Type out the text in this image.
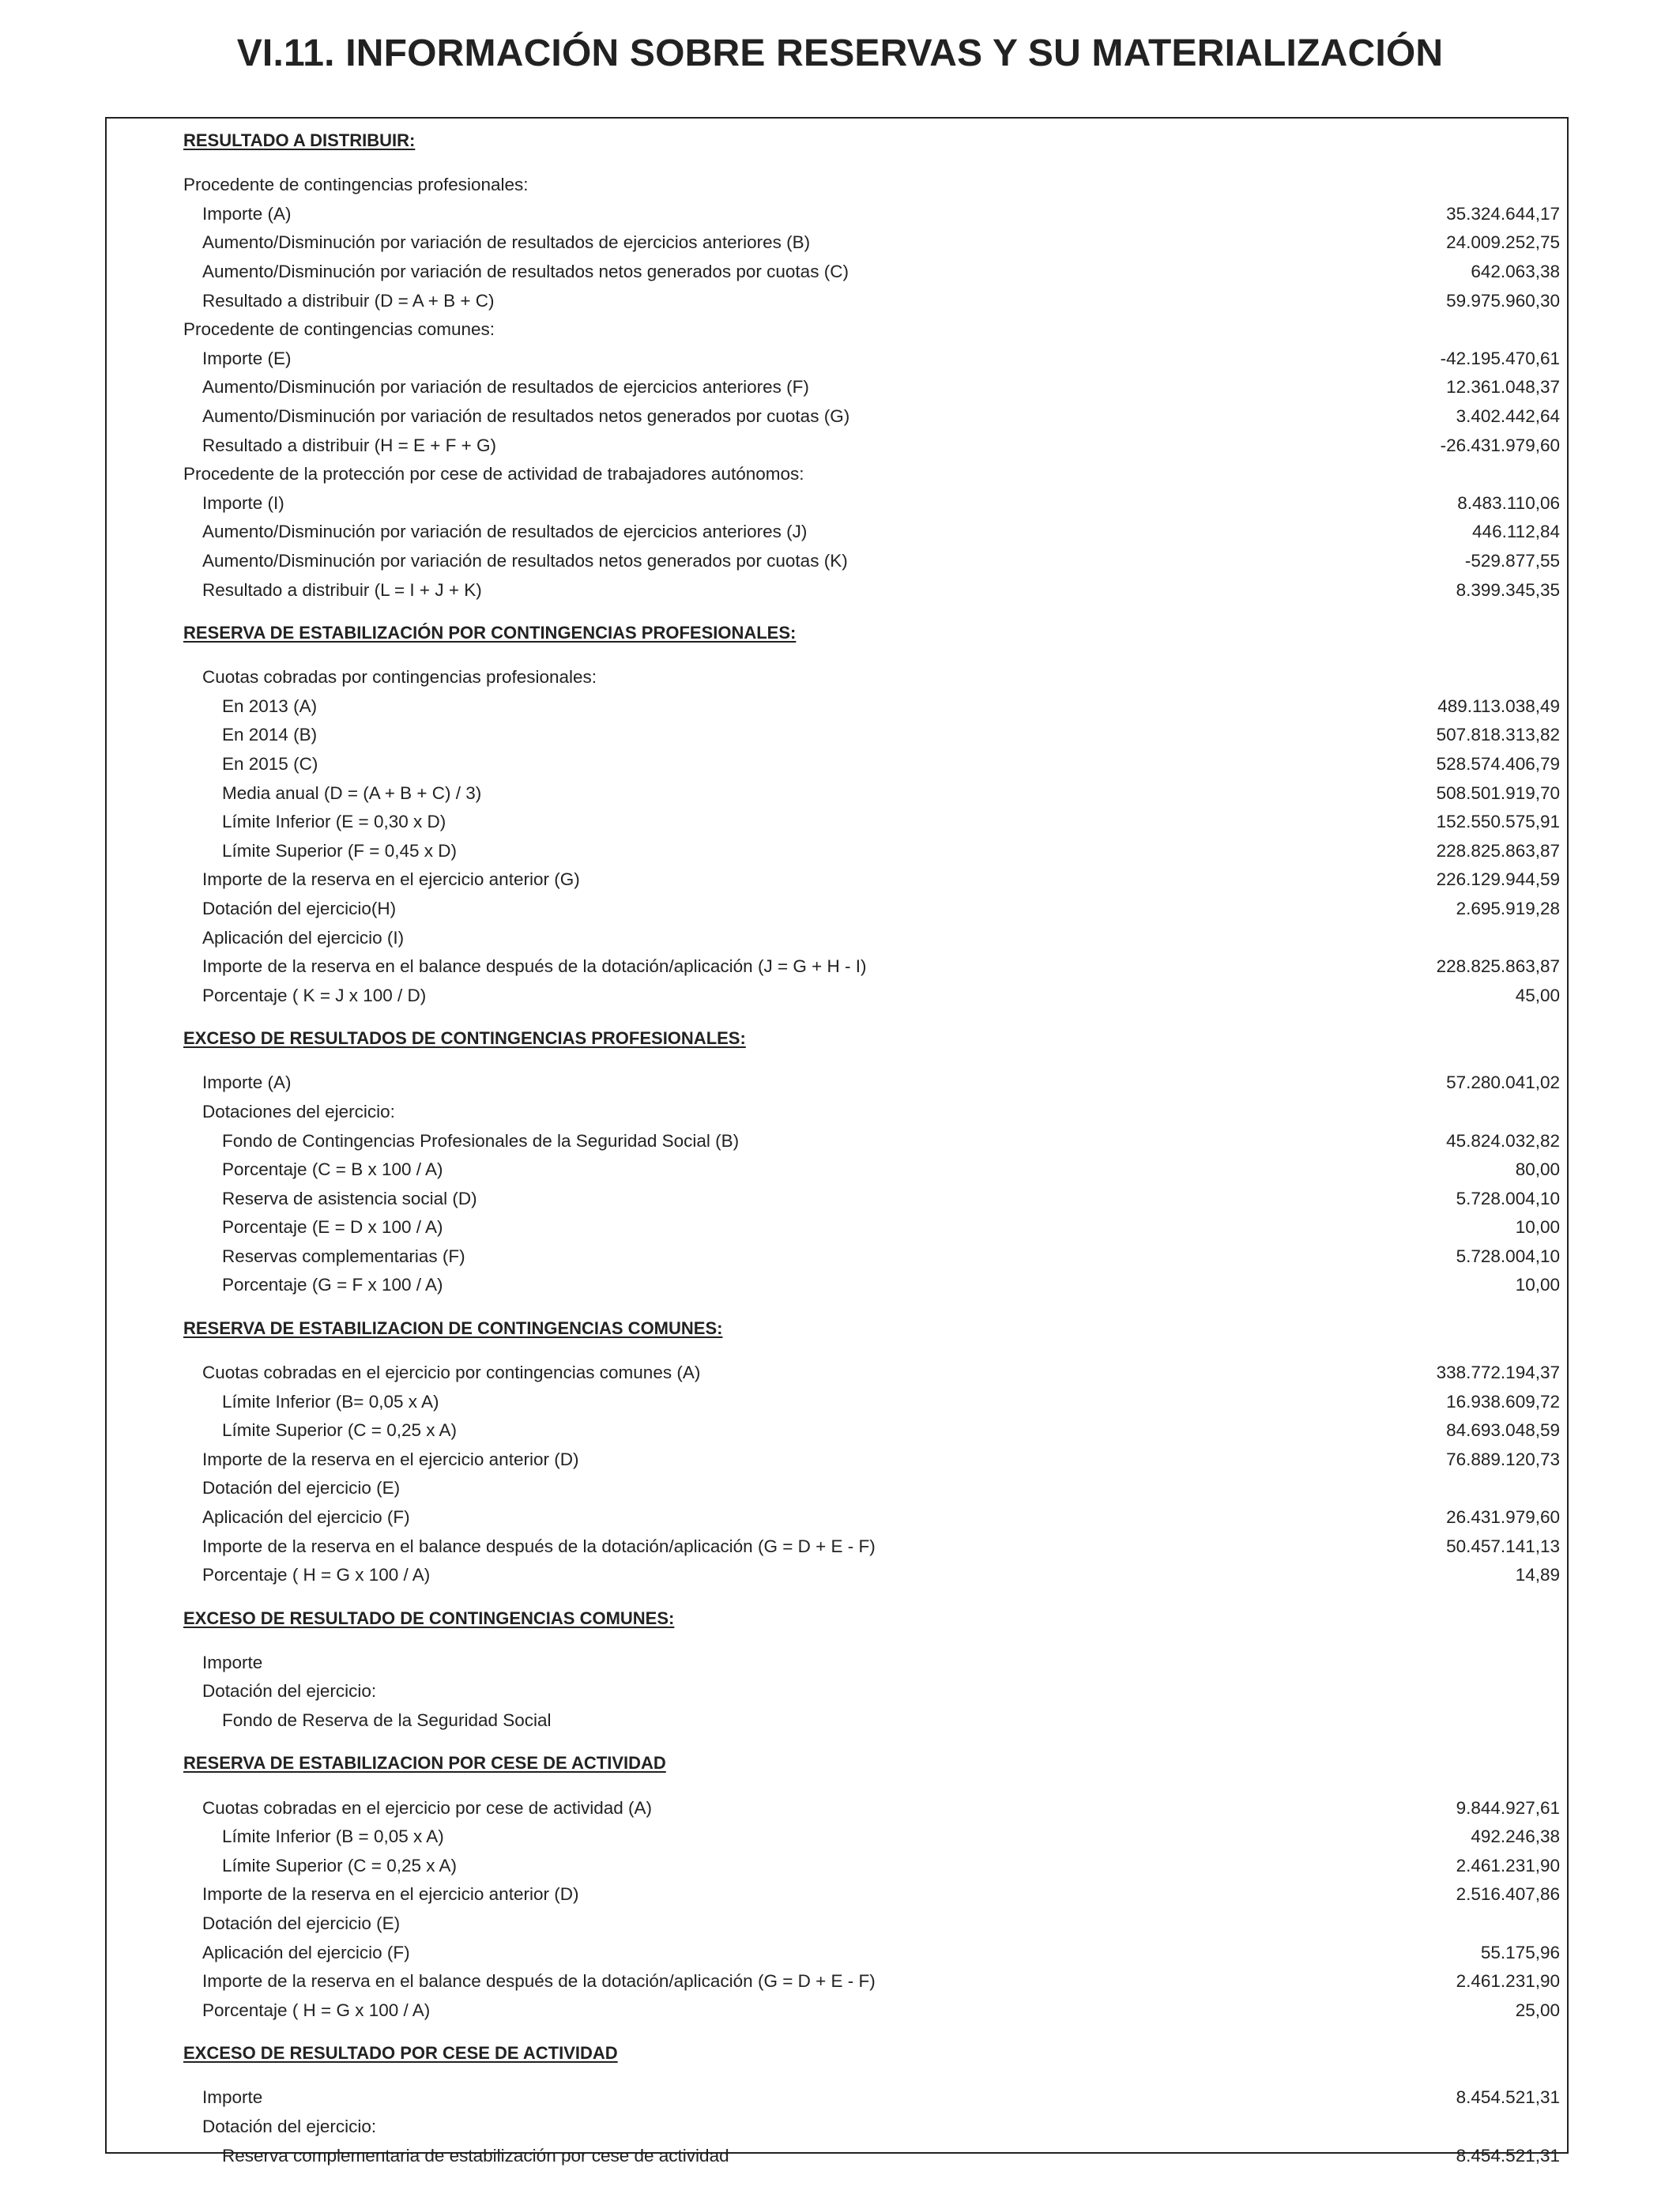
VI.11. INFORMACIÓN SOBRE RESERVAS Y SU MATERIALIZACIÓN
RESULTADO A DISTRIBUIR:
Procedente de contingencias profesionales:
Importe (A)	35.324.644,17
Aumento/Disminución por variación de resultados de ejercicios anteriores (B)	24.009.252,75
Aumento/Disminución por variación de resultados netos generados por cuotas (C)	642.063,38
Resultado a distribuir (D = A + B + C)	59.975.960,30
Procedente de contingencias comunes:
Importe (E)	-42.195.470,61
Aumento/Disminución por variación de resultados de ejercicios anteriores (F)	12.361.048,37
Aumento/Disminución por variación de resultados netos generados por cuotas (G)	3.402.442,64
Resultado a distribuir (H = E + F + G)	-26.431.979,60
Procedente de la protección por cese de actividad de trabajadores autónomos:
Importe (I)	8.483.110,06
Aumento/Disminución por variación de resultados de ejercicios anteriores (J)	446.112,84
Aumento/Disminución por variación de resultados netos generados por cuotas (K)	-529.877,55
Resultado a distribuir (L = I + J + K)	8.399.345,35
RESERVA DE ESTABILIZACIÓN POR CONTINGENCIAS PROFESIONALES:
Cuotas cobradas por contingencias profesionales:
En 2013 (A)	489.113.038,49
En 2014 (B)	507.818.313,82
En 2015 (C)	528.574.406,79
Media anual (D = (A + B + C) / 3)	508.501.919,70
Límite Inferior (E = 0,30 x D)	152.550.575,91
Límite Superior (F = 0,45 x D)	228.825.863,87
Importe de la reserva en el ejercicio anterior (G)	226.129.944,59
Dotación del ejercicio(H)	2.695.919,28
Aplicación del ejercicio (I)
Importe de la reserva en el balance después de la dotación/aplicación (J = G + H - I)	228.825.863,87
Porcentaje ( K = J x 100 / D)	45,00
EXCESO DE RESULTADOS DE CONTINGENCIAS PROFESIONALES:
Importe (A)	57.280.041,02
Dotaciones del ejercicio:
Fondo de Contingencias Profesionales de la Seguridad Social (B)	45.824.032,82
Porcentaje (C = B x 100 / A)	80,00
Reserva de asistencia social (D)	5.728.004,10
Porcentaje (E = D x 100 / A)	10,00
Reservas complementarias (F)	5.728.004,10
Porcentaje (G = F x 100 / A)	10,00
RESERVA DE ESTABILIZACION DE CONTINGENCIAS COMUNES:
Cuotas cobradas en el ejercicio por contingencias comunes (A)	338.772.194,37
Límite Inferior (B= 0,05 x A)	16.938.609,72
Límite Superior (C = 0,25 x A)	84.693.048,59
Importe de la reserva en el ejercicio anterior (D)	76.889.120,73
Dotación del ejercicio (E)
Aplicación del ejercicio (F)	26.431.979,60
Importe de la reserva en el balance después de la dotación/aplicación (G = D + E - F)	50.457.141,13
Porcentaje ( H = G x 100 / A)	14,89
EXCESO DE RESULTADO DE CONTINGENCIAS COMUNES:
Importe
Dotación del ejercicio:
Fondo de Reserva de la Seguridad Social
RESERVA DE ESTABILIZACION POR CESE DE ACTIVIDAD
Cuotas cobradas en el ejercicio por cese de actividad (A)	9.844.927,61
Límite Inferior (B = 0,05 x A)	492.246,38
Límite Superior (C = 0,25 x A)	2.461.231,90
Importe de la reserva en el ejercicio anterior (D)	2.516.407,86
Dotación del ejercicio (E)
Aplicación del ejercicio (F)	55.175,96
Importe de la reserva en el balance después de la dotación/aplicación (G = D + E - F)	2.461.231,90
Porcentaje ( H = G x 100 / A)	25,00
EXCESO DE RESULTADO POR CESE DE ACTIVIDAD
Importe	8.454.521,31
Dotación del ejercicio:
Reserva complementaria de estabilización por cese de actividad	8.454.521,31
